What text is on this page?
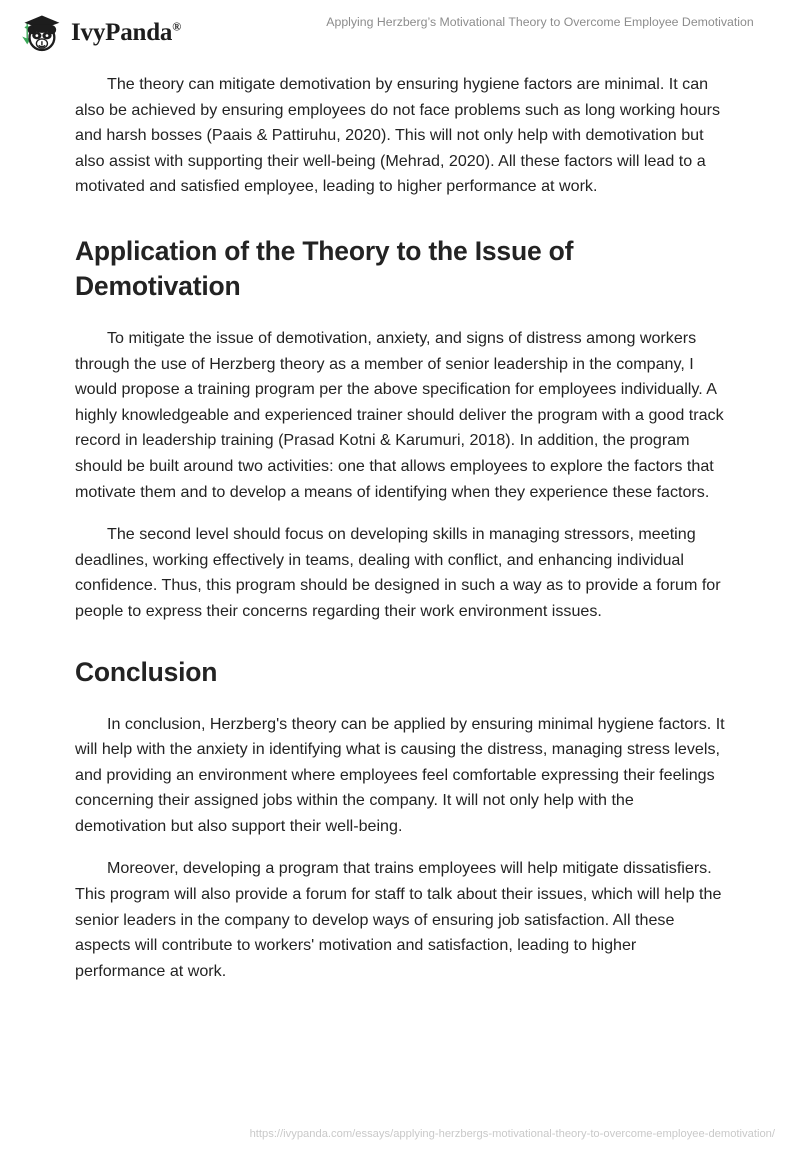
IvyPanda®	Applying Herzberg’s Motivational Theory to Overcome Employee Demotivation

The theory can mitigate demotivation by ensuring hygiene factors are minimal. It can also be achieved by ensuring employees do not face problems such as long working hours and harsh bosses (Paais & Pattiruhu, 2020). This will not only help with demotivation but also assist with supporting their well-being (Mehrad, 2020). All these factors will lead to a motivated and satisfied employee, leading to higher performance at work.

Application of the Theory to the Issue of Demotivation

To mitigate the issue of demotivation, anxiety, and signs of distress among workers through the use of Herzberg theory as a member of senior leadership in the company, I would propose a training program per the above specification for employees individually. A highly knowledgeable and experienced trainer should deliver the program with a good track record in leadership training (Prasad Kotni & Karumuri, 2018). In addition, the program should be built around two activities: one that allows employees to explore the factors that motivate them and to develop a means of identifying when they experience these factors.

The second level should focus on developing skills in managing stressors, meeting deadlines, working effectively in teams, dealing with conflict, and enhancing individual confidence. Thus, this program should be designed in such a way as to provide a forum for people to express their concerns regarding their work environment issues.

Conclusion

In conclusion, Herzberg's theory can be applied by ensuring minimal hygiene factors. It will help with the anxiety in identifying what is causing the distress, managing stress levels, and providing an environment where employees feel comfortable expressing their feelings concerning their assigned jobs within the company. It will not only help with the demotivation but also support their well-being.

Moreover, developing a program that trains employees will help mitigate dissatisfiers. This program will also provide a forum for staff to talk about their issues, which will help the senior leaders in the company to develop ways of ensuring job satisfaction. All these aspects will contribute to workers' motivation and satisfaction, leading to higher performance at work.

https://ivypanda.com/essays/applying-herzbergs-motivational-theory-to-overcome-employee-demotivation/
